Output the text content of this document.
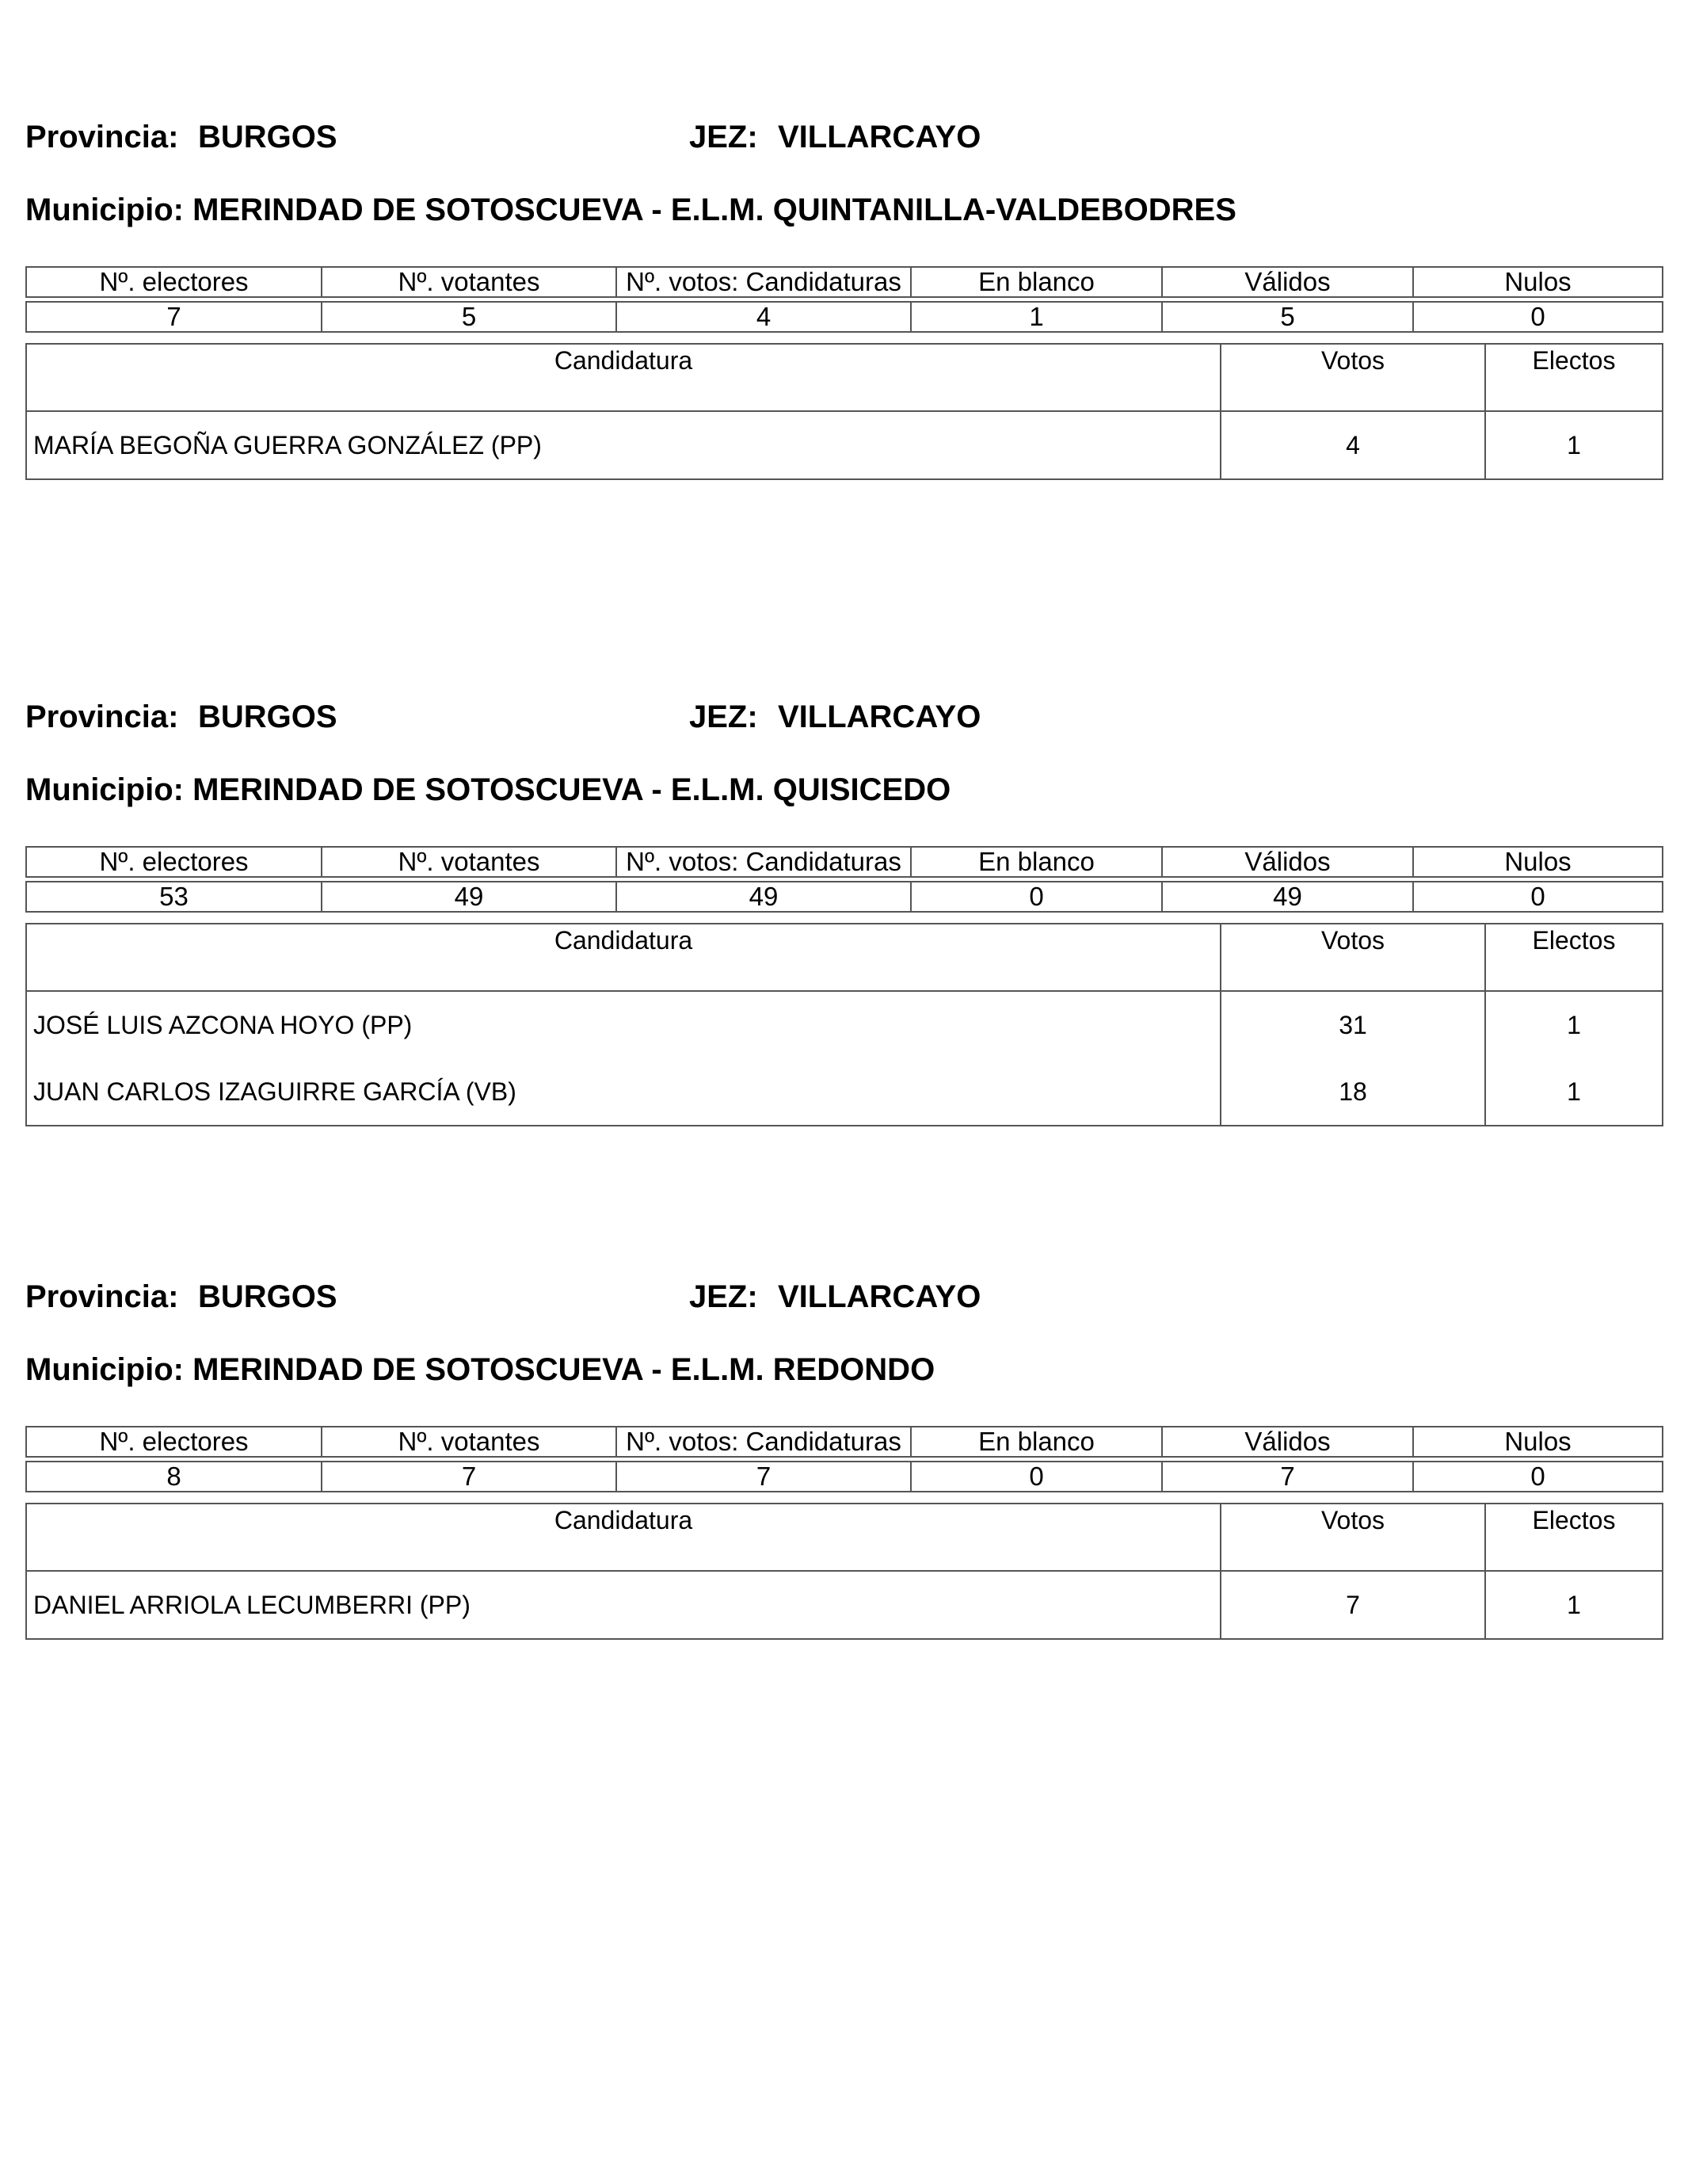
Provincia: BURGOS	JEZ: VILLARCAYO
Municipio: MERINDAD DE SOTOSCUEVA - E.L.M. QUINTANILLA-VALDEBODRES
Nº. electores	Nº. votantes	Nº. votos: Candidaturas	En blanco	Válidos	Nulos

7	5	4	1	5	0
Candidatura	Votos	Electos
MARÍA BEGOÑA GUERRA GONZÁLEZ (PP)	4	1
Provincia: BURGOS	JEZ: VILLARCAYO
Municipio: MERINDAD DE SOTOSCUEVA - E.L.M. QUISICEDO
Nº. electores	Nº. votantes	Nº. votos: Candidaturas	En blanco	Válidos	Nulos

53	49	49	0	49	0
Candidatura	Votos	Electos
JOSÉ LUIS AZCONA HOYO (PP)	31	1
JUAN CARLOS IZAGUIRRE GARCÍA (VB)	18	1
Provincia: BURGOS	JEZ: VILLARCAYO
Municipio: MERINDAD DE SOTOSCUEVA - E.L.M. REDONDO
Nº. electores	Nº. votantes	Nº. votos: Candidaturas	En blanco	Válidos	Nulos

8	7	7	0	7	0
Candidatura	Votos	Electos
DANIEL ARRIOLA LECUMBERRI (PP)	7	1
